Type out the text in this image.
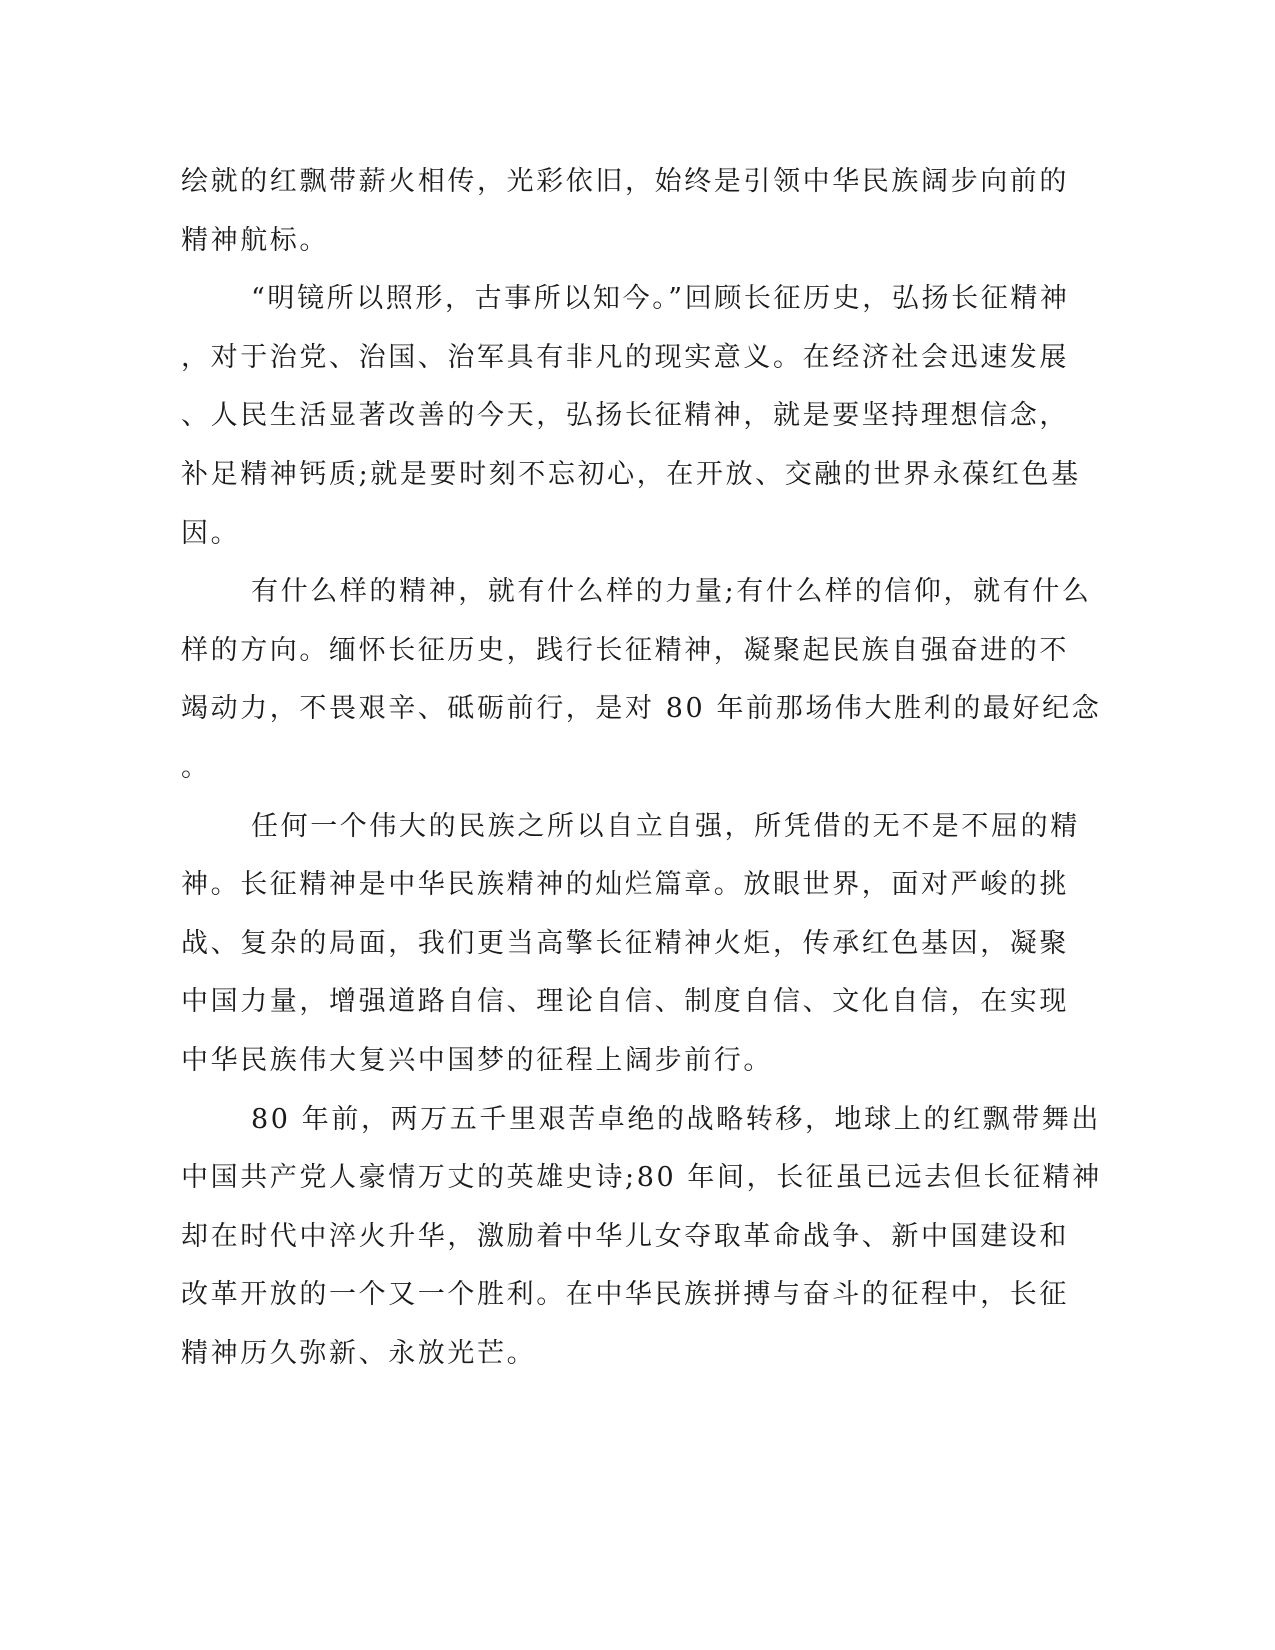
绘就的红飘带薪火相传，光彩依旧，始终是引领中华民族阔步向前的
精神航标。
“明镜所以照形，古事所以知今。”回顾长征历史，弘扬长征精神
，对于治党、治国、治军具有非凡的现实意义。在经济社会迅速发展
、人民生活显著改善的今天，弘扬长征精神，就是要坚持理想信念，
补足精神钙质;就是要时刻不忘初心，在开放、交融的世界永葆红色基
因。
有什么样的精神，就有什么样的力量;有什么样的信仰，就有什么
样的方向。缅怀长征历史，践行长征精神，凝聚起民族自强奋进的不
竭动力，不畏艰辛、砥砺前行，是对 80 年前那场伟大胜利的最好纪念
。
任何一个伟大的民族之所以自立自强，所凭借的无不是不屈的精
神。长征精神是中华民族精神的灿烂篇章。放眼世界，面对严峻的挑
战、复杂的局面，我们更当高擎长征精神火炬，传承红色基因，凝聚
中国力量，增强道路自信、理论自信、制度自信、文化自信，在实现
中华民族伟大复兴中国梦的征程上阔步前行。
80 年前，两万五千里艰苦卓绝的战略转移，地球上的红飘带舞出
中国共产党人豪情万丈的英雄史诗;80 年间，长征虽已远去但长征精神
却在时代中淬火升华，激励着中华儿女夺取革命战争、新中国建设和
改革开放的一个又一个胜利。在中华民族拼搏与奋斗的征程中，长征
精神历久弥新、永放光芒。
